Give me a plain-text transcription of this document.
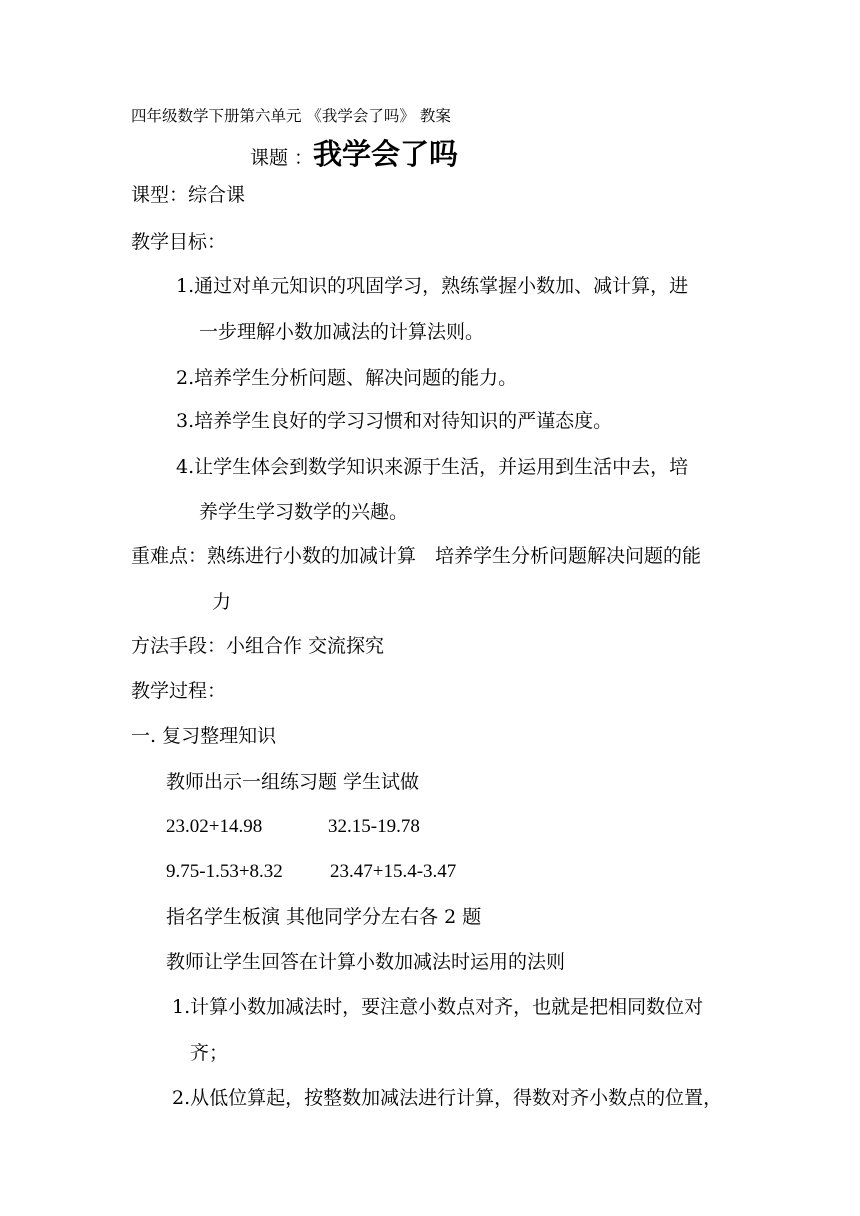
四年级数学下册第六单元 《我学会了吗》 教案
课题 ：我学会了吗
课型：综合课
教学目标：
1.通过对单元知识的巩固学习，熟练掌握小数加、减计算，进
一步理解小数加减法的计算法则。
2.培养学生分析问题、解决问题的能力。
3.培养学生良好的学习习惯和对待知识的严谨态度。
4.让学生体会到数学知识来源于生活，并运用到生活中去，培
养学生学习数学的兴趣。
重难点：熟练进行小数的加减计算　培养学生分析问题解决问题的能
力
方法手段：小组合作 交流探究
教学过程：
一. 复习整理知识
教师出示一组练习题 学生试做
23.02+14.98	32.15-19.78
9.75-1.53+8.32 23.47+15.4-3.47
指名学生板演 其他同学分左右各 2 题
教师让学生回答在计算小数加减法时运用的法则
1.计算小数加减法时，要注意小数点对齐，也就是把相同数位对
齐；
2.从低位算起，按整数加减法进行计算，得数对齐小数点的位置，
